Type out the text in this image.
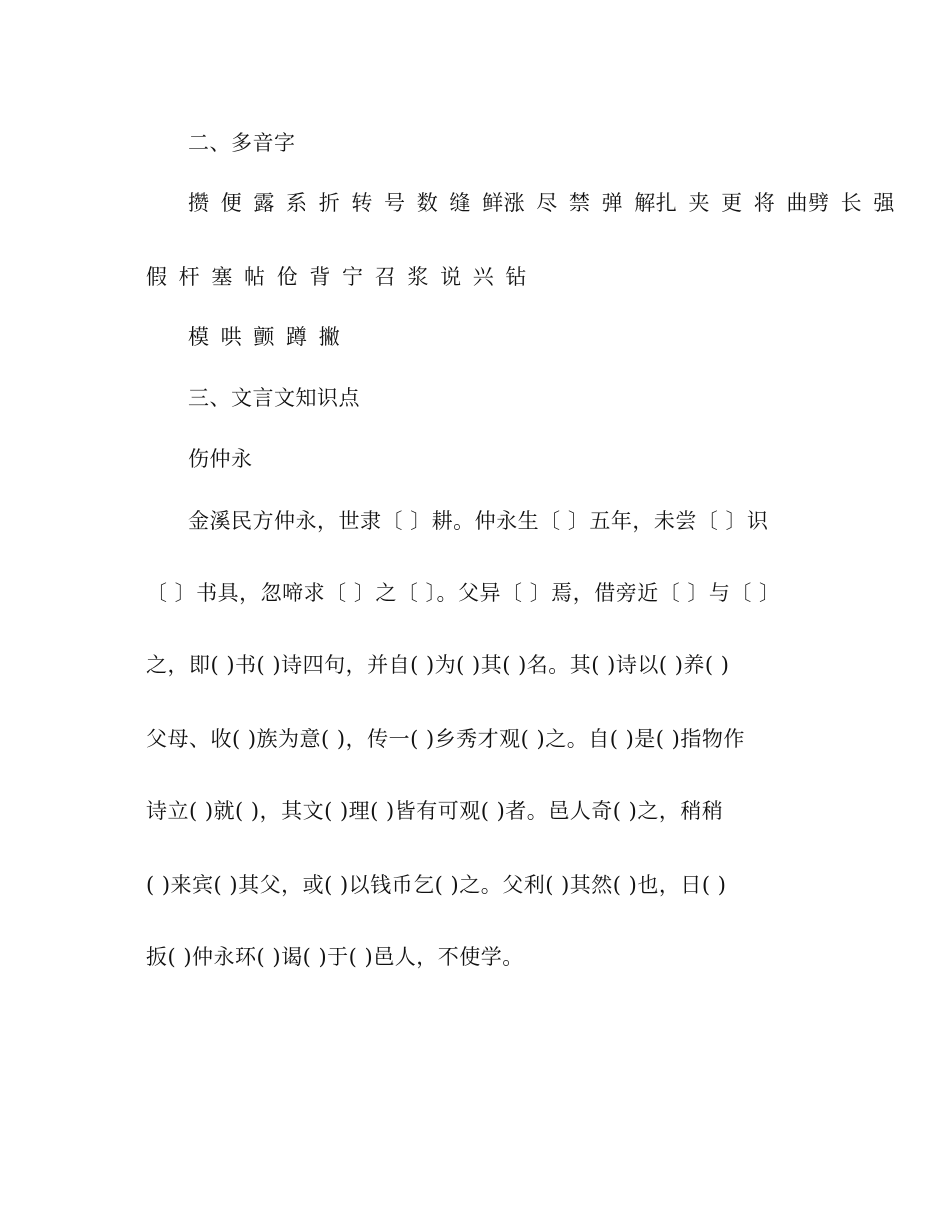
二、多音字
攒 便 露 系 折 转 号 数 缝 鲜涨 尽 禁 弹 解扎 夹 更 将 曲劈 长 强
假 杆 塞 帖 伧 背 宁 召 浆 说 兴 钻
模 哄 颤 蹲 撇
三、文言文知识点
伤仲永
金溪民方仲永，世隶〔 〕耕。仲永生〔 〕五年，未尝〔 〕识
〔 〕书具，忽啼求〔 〕之〔 〕。父异〔 〕焉，借旁近〔 〕与〔 〕
之，即( )书( )诗四句，并自( )为( )其( )名。其( )诗以( )养( )
父母、收( )族为意( )，传一( )乡秀才观( )之。自( )是( )指物作
诗立( )就( )，其文( )理( )皆有可观( )者。邑人奇( )之，稍稍
( )来宾( )其父，或( )以钱币乞( )之。父利( )其然( )也，日( )
扳( )仲永环( )谒( )于( )邑人，不使学。
